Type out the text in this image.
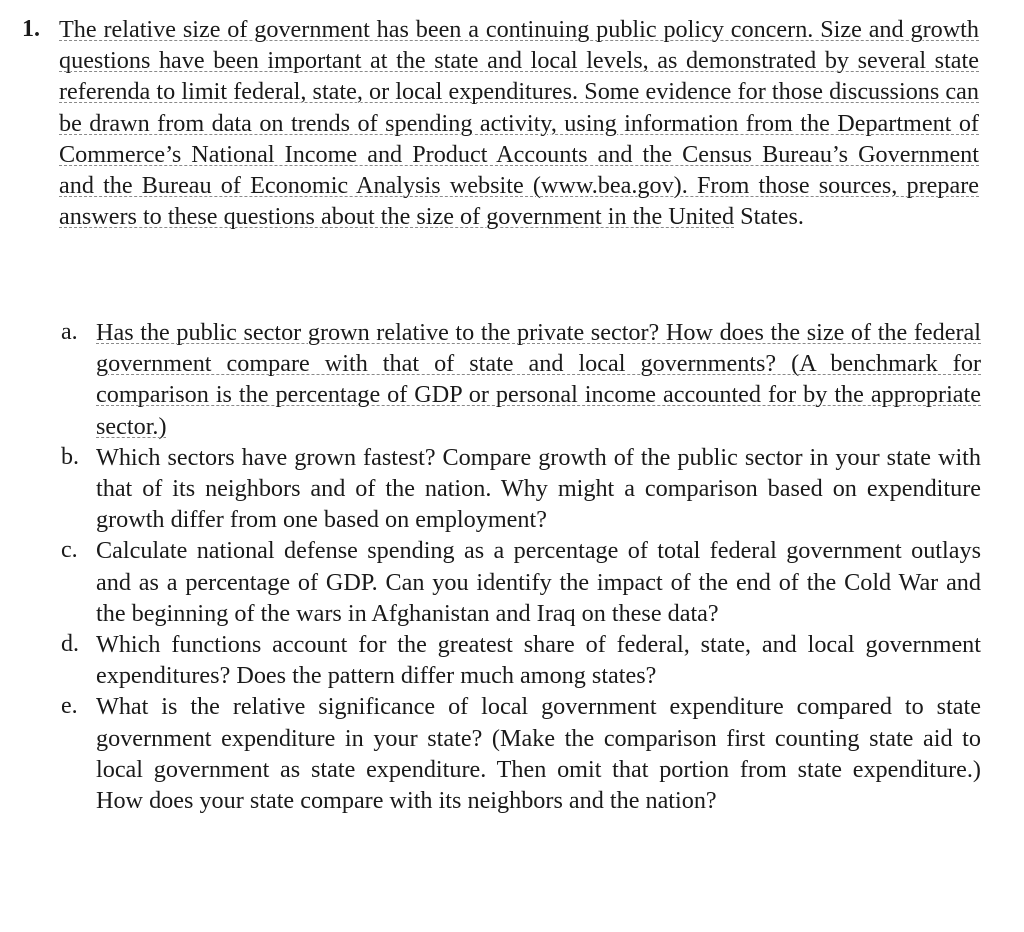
1. The relative size of government has been a continuing public policy concern. Size and growth questions have been important at the state and local levels, as demonstrated by several state referenda to limit federal, state, or local expenditures. Some evidence for those discussions can be drawn from data on trends of spending activity, using information from the Department of Commerce’s National Income and Product Accounts and the Census Bureau’s Government and the Bureau of Economic Analysis website (www.bea.gov). From those sources, prepare answers to these questions about the size of government in the United States.

a. Has the public sector grown relative to the private sector? How does the size of the federal government compare with that of state and local governments? (A benchmark for comparison is the percentage of GDP or personal income accounted for by the appropriate sector.)

b. Which sectors have grown fastest? Compare growth of the public sector in your state with that of its neighbors and of the nation. Why might a comparison based on expenditure growth differ from one based on employment?

c. Calculate national defense spending as a percentage of total federal government outlays and as a percentage of GDP. Can you identify the impact of the end of the Cold War and the beginning of the wars in Afghanistan and Iraq on these data?

d. Which functions account for the greatest share of federal, state, and local government expenditures? Does the pattern differ much among states?

e. What is the relative significance of local government expenditure compared to state government expenditure in your state? (Make the comparison first counting state aid to local government as state expenditure. Then omit that portion from state expenditure.) How does your state compare with its neighbors and the nation?
